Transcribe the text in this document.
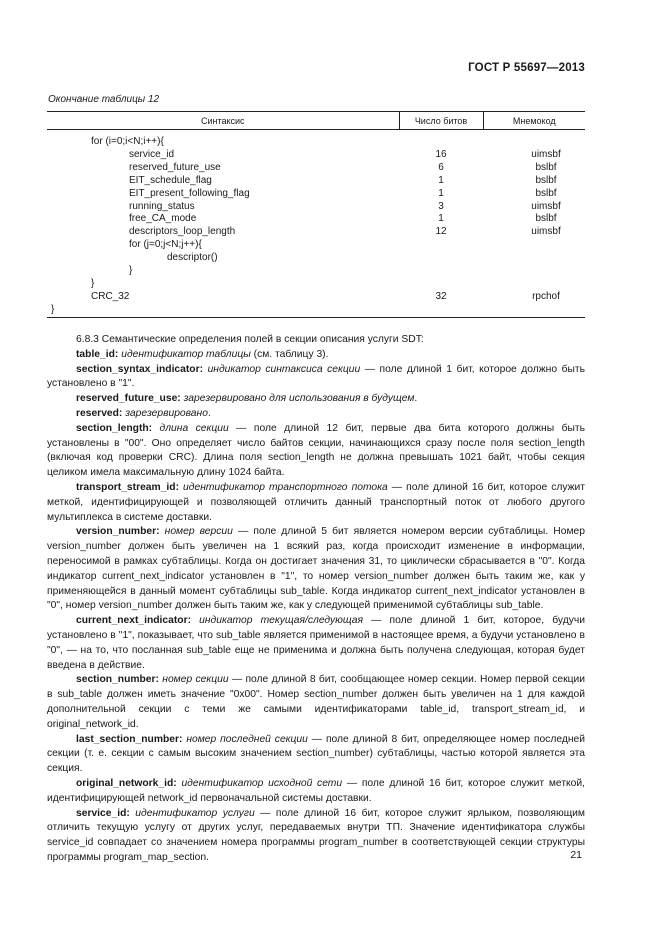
ГОСТ Р 55697—2013
Окончание таблицы 12
Синтаксис	Число битов	Мнемокод
for (i=0;i<N;i++){		
service_id	16	uimsbf
reserved_future_use	6	bslbf
EIT_schedule_flag	1	bslbf
EIT_present_following_flag	1	bslbf
running_status	3	uimsbf
free_CA_mode	1	bslbf
descriptors_loop_length	12	uimsbf
for (j=0;j<N;j++){		
descriptor()		
}		
}		
CRC_32	32	rpchof
}		

6.8.3 Семантические определения полей в секции описания услуги SDT:

table_id: идентификатор таблицы (см. таблицу 3).

section_syntax_indicator: индикатор синтаксиса секции — поле длиной 1 бит, которое должно быть установлено в "1".

reserved_future_use: зарезервировано для использования в будущем.

reserved: зарезервировано.

section_length: длина секции — поле длиной 12 бит, первые два бита которого должны быть установлены в "00". Оно определяет число байтов секции, начинающихся сразу после поля section_length (включая код проверки CRC). Длина поля section_length не должна превышать 1021 байт, чтобы секция целиком имела максимальную длину 1024 байта.

transport_stream_id: идентификатор транспортного потока — поле длиной 16 бит, которое служит меткой, идентифицирующей и позволяющей отличить данный транспортный поток от любого другого мультиплекса в системе доставки.

version_number: номер версии — поле длиной 5 бит является номером версии субтаблицы. Номер version_number должен быть увеличен на 1 всякий раз, когда происходит изменение в информации, переносимой в рамках субтаблицы. Когда он достигает значения 31, то циклически сбрасывается в "0". Когда индикатор current_next_indicator установлен в "1", то номер version_number должен быть таким же, как у применяющейся в данный момент субтаблицы sub_table. Когда индикатор current_next_indicator установлен в "0", номер version_number должен быть таким же, как у следующей применимой субтаблицы sub_table.

current_next_indicator: индикатор текущая/следующая — поле длиной 1 бит, которое, будучи установлено в "1", показывает, что sub_table является применимой в настоящее время, а будучи установлено в "0", — на то, что посланная sub_table еще не применима и должна быть получена следующая, которая будет введена в действие.

section_number: номер секции — поле длиной 8 бит, сообщающее номер секции. Номер первой секции в sub_table должен иметь значение "0x00". Номер section_number должен быть увеличен на 1 для каждой дополнительной секции с теми же самыми идентификаторами table_id, transport_stream_id, и original_network_id.

last_section_number: номер последней секции — поле длиной 8 бит, определяющее номер последней секции (т. е. секции с самым высоким значением section_number) субтаблицы, частью которой является эта секция.

original_network_id: идентификатор исходной сети — поле длиной 16 бит, которое служит меткой, идентифицирующей network_id первоначальной системы доставки.

service_id: идентификатор услуги — поле длиной 16 бит, которое служит ярлыком, позволяющим отличить текущую услугу от других услуг, передаваемых внутри ТП. Значение идентификатора службы service_id совпадает со значением номера программы program_number в соответствующей секции структуры программы program_map_section.	21
